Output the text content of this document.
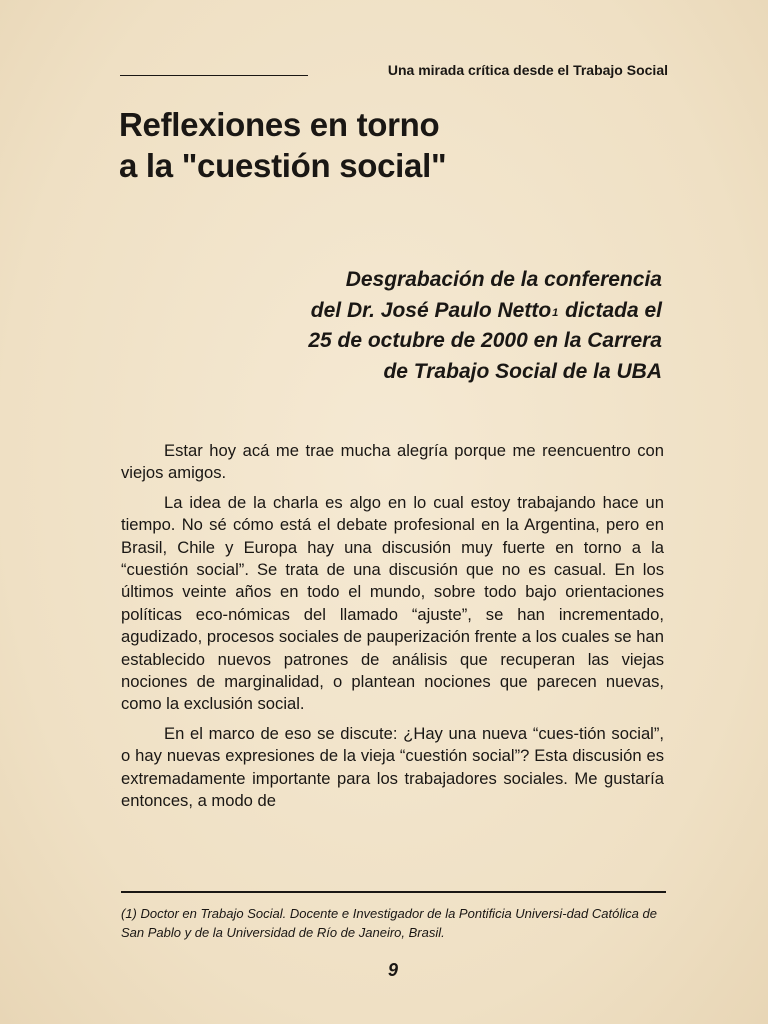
Una mirada crítica desde el Trabajo Social
Reflexiones en torno
a la "cuestión social"
Desgrabación de la conferencia
del Dr. José Paulo Netto$^1$ dictada el
25 de octubre de 2000 en la Carrera
de Trabajo Social de la UBA

Estar hoy acá me trae mucha alegría porque me reencuentro con viejos amigos.

La idea de la charla es algo en lo cual estoy trabajando hace un tiempo. No sé cómo está el debate profesional en la Argentina, pero en Brasil, Chile y Europa hay una discusión muy fuerte en torno a la “cuestión social”. Se trata de una discusión que no es casual. En los últimos veinte años en todo el mundo, sobre todo bajo orientaciones políticas eco-nómicas del llamado “ajuste”, se han incrementado, agudizado, procesos sociales de pauperización frente a los cuales se han establecido nuevos patrones de análisis que recuperan las viejas nociones de marginalidad, o plantean nociones que parecen nuevas, como la exclusión social.

En el marco de eso se discute: ¿Hay una nueva “cues-tión social”, o hay nuevas expresiones de la vieja “cuestión social”? Esta discusión es extremadamente importante para los trabajadores sociales. Me gustaría entonces, a modo de

(1) Doctor en Trabajo Social. Docente e Investigador de la Pontificia Universi-dad Católica de San Pablo y de la Universidad de Río de Janeiro, Brasil.
9
